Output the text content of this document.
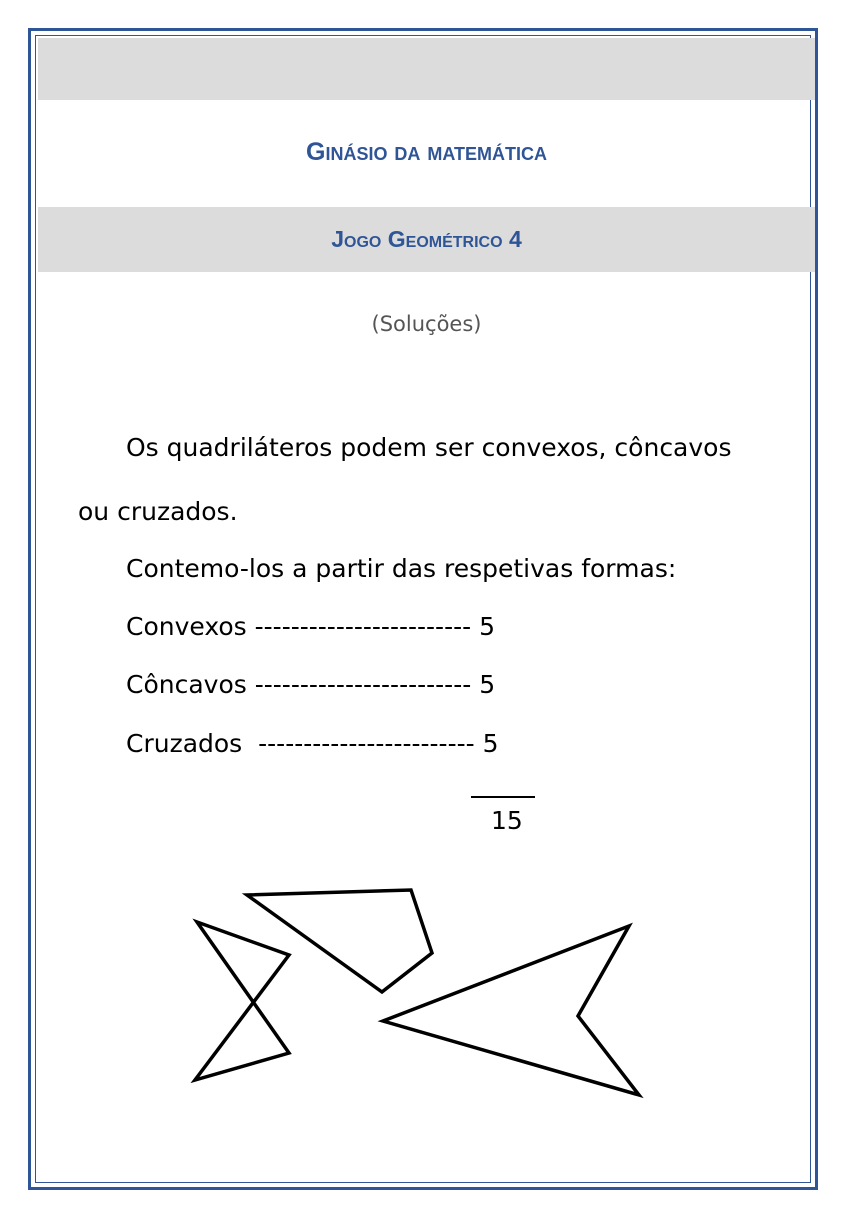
Ginásio da matemática
Jogo Geométrico 4
(Soluções)
Os quadriláteros podem ser convexos, côncavos
ou cruzados.
Contemo-los a partir das respetivas formas:
Convexos ------------------------ 5
Côncavos ------------------------ 5
Cruzados  ------------------------ 5
15
